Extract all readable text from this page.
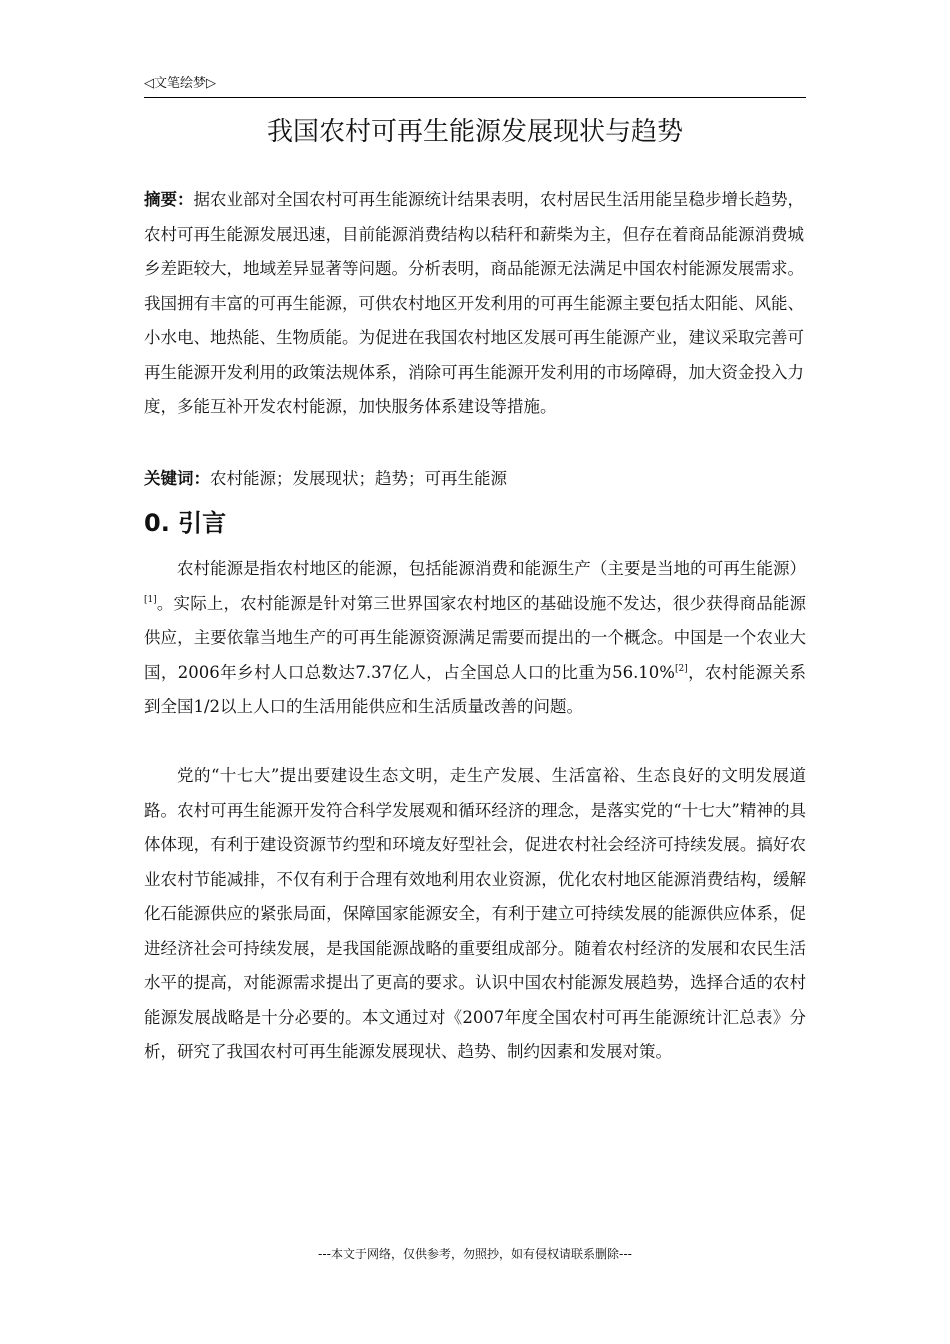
◁文笔绘梦▷
我国农村可再生能源发展现状与趋势
摘要：据农业部对全国农村可再生能源统计结果表明，农村居民生活用能呈稳步增长趋势，农村可再生能源发展迅速，目前能源消费结构以秸秆和薪柴为主，但存在着商品能源消费城乡差距较大，地域差异显著等问题。分析表明，商品能源无法满足中国农村能源发展需求。我国拥有丰富的可再生能源，可供农村地区开发利用的可再生能源主要包括太阳能、风能、小水电、地热能、生物质能。为促进在我国农村地区发展可再生能源产业，建议采取完善可再生能源开发利用的政策法规体系，消除可再生能源开发利用的市场障碍，加大资金投入力度，多能互补开发农村能源，加快服务体系建设等措施。
关键词：农村能源；发展现状；趋势；可再生能源
0. 引言
农村能源是指农村地区的能源，包括能源消费和能源生产（主要是当地的可再生能源）[1]。实际上，农村能源是针对第三世界国家农村地区的基础设施不发达，很少获得商品能源供应，主要依靠当地生产的可再生能源资源满足需要而提出的一个概念。中国是一个农业大国，2006年乡村人口总数达7.37亿人，占全国总人口的比重为56.10%[2]，农村能源关系到全国1/2以上人口的生活用能供应和生活质量改善的问题。
党的“十七大”提出要建设生态文明，走生产发展、生活富裕、生态良好的文明发展道路。农村可再生能源开发符合科学发展观和循环经济的理念，是落实党的“十七大”精神的具体体现，有利于建设资源节约型和环境友好型社会，促进农村社会经济可持续发展。搞好农业农村节能减排，不仅有利于合理有效地利用农业资源，优化农村地区能源消费结构，缓解化石能源供应的紧张局面，保障国家能源安全，有利于建立可持续发展的能源供应体系，促进经济社会可持续发展，是我国能源战略的重要组成部分。随着农村经济的发展和农民生活水平的提高，对能源需求提出了更高的要求。认识中国农村能源发展趋势，选择合适的农村能源发展战略是十分必要的。本文通过对《2007年度全国农村可再生能源统计汇总表》分析，研究了我国农村可再生能源发展现状、趋势、制约因素和发展对策。
---本文于网络，仅供参考，勿照抄，如有侵权请联系删除---
